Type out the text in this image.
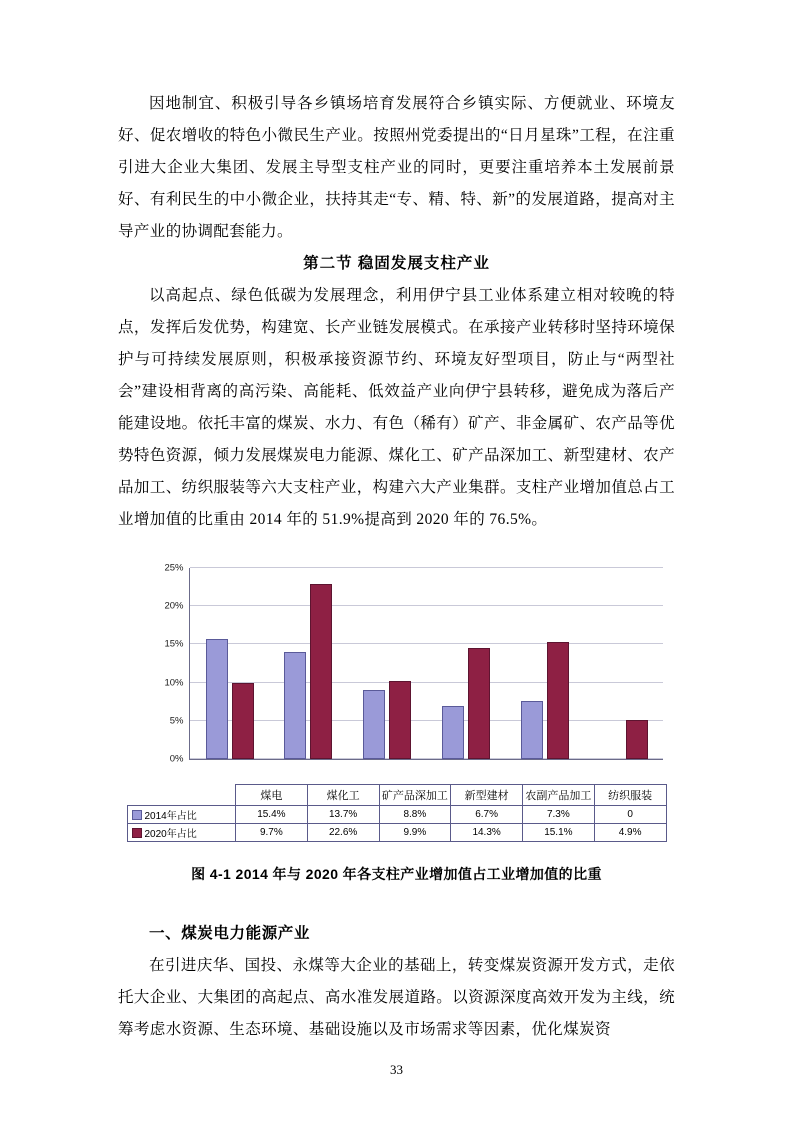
因地制宜、积极引导各乡镇场培育发展符合乡镇实际、方便就业、环境友好、促农增收的特色小微民生产业。按照州党委提出的“日月星珠”工程，在注重引进大企业大集团、发展主导型支柱产业的同时，更要注重培养本土发展前景好、有利民生的中小微企业，扶持其走“专、精、特、新”的发展道路，提高对主导产业的协调配套能力。

第二节 稳固发展支柱产业

以高起点、绿色低碳为发展理念，利用伊宁县工业体系建立相对较晚的特点，发挥后发优势，构建宽、长产业链发展模式。在承接产业转移时坚持环境保护与可持续发展原则，积极承接资源节约、环境友好型项目，防止与“两型社会”建设相背离的高污染、高能耗、低效益产业向伊宁县转移，避免成为落后产能建设地。依托丰富的煤炭、水力、有色（稀有）矿产、非金属矿、农产品等优势特色资源，倾力发展煤炭电力能源、煤化工、矿产品深加工、新型建材、农产品加工、纺织服装等六大支柱产业，构建六大产业集群。支柱产业增加值总占工业增加值的比重由 2014 年的 51.9%提高到 2020 年的 76.5%。

0%
5%
10%
15%
20%
25%
	煤电	煤化工	矿产品深加工	新型建材	农副产品加工	纺织服装
2014年占比	15.4%	13.7%	8.8%	6.7%	7.3%	0
2020年占比	9.7%	22.6%	9.9%	14.3%	15.1%	4.9%
图 4-1 2014 年与 2020 年各支柱产业增加值占工业增加值的比重
一、煤炭电力能源产业

在引进庆华、国投、永煤等大企业的基础上，转变煤炭资源开发方式，走依托大企业、大集团的高起点、高水准发展道路。以资源深度高效开发为主线，统筹考虑水资源、生态环境、基础设施以及市场需求等因素，优化煤炭资

33
